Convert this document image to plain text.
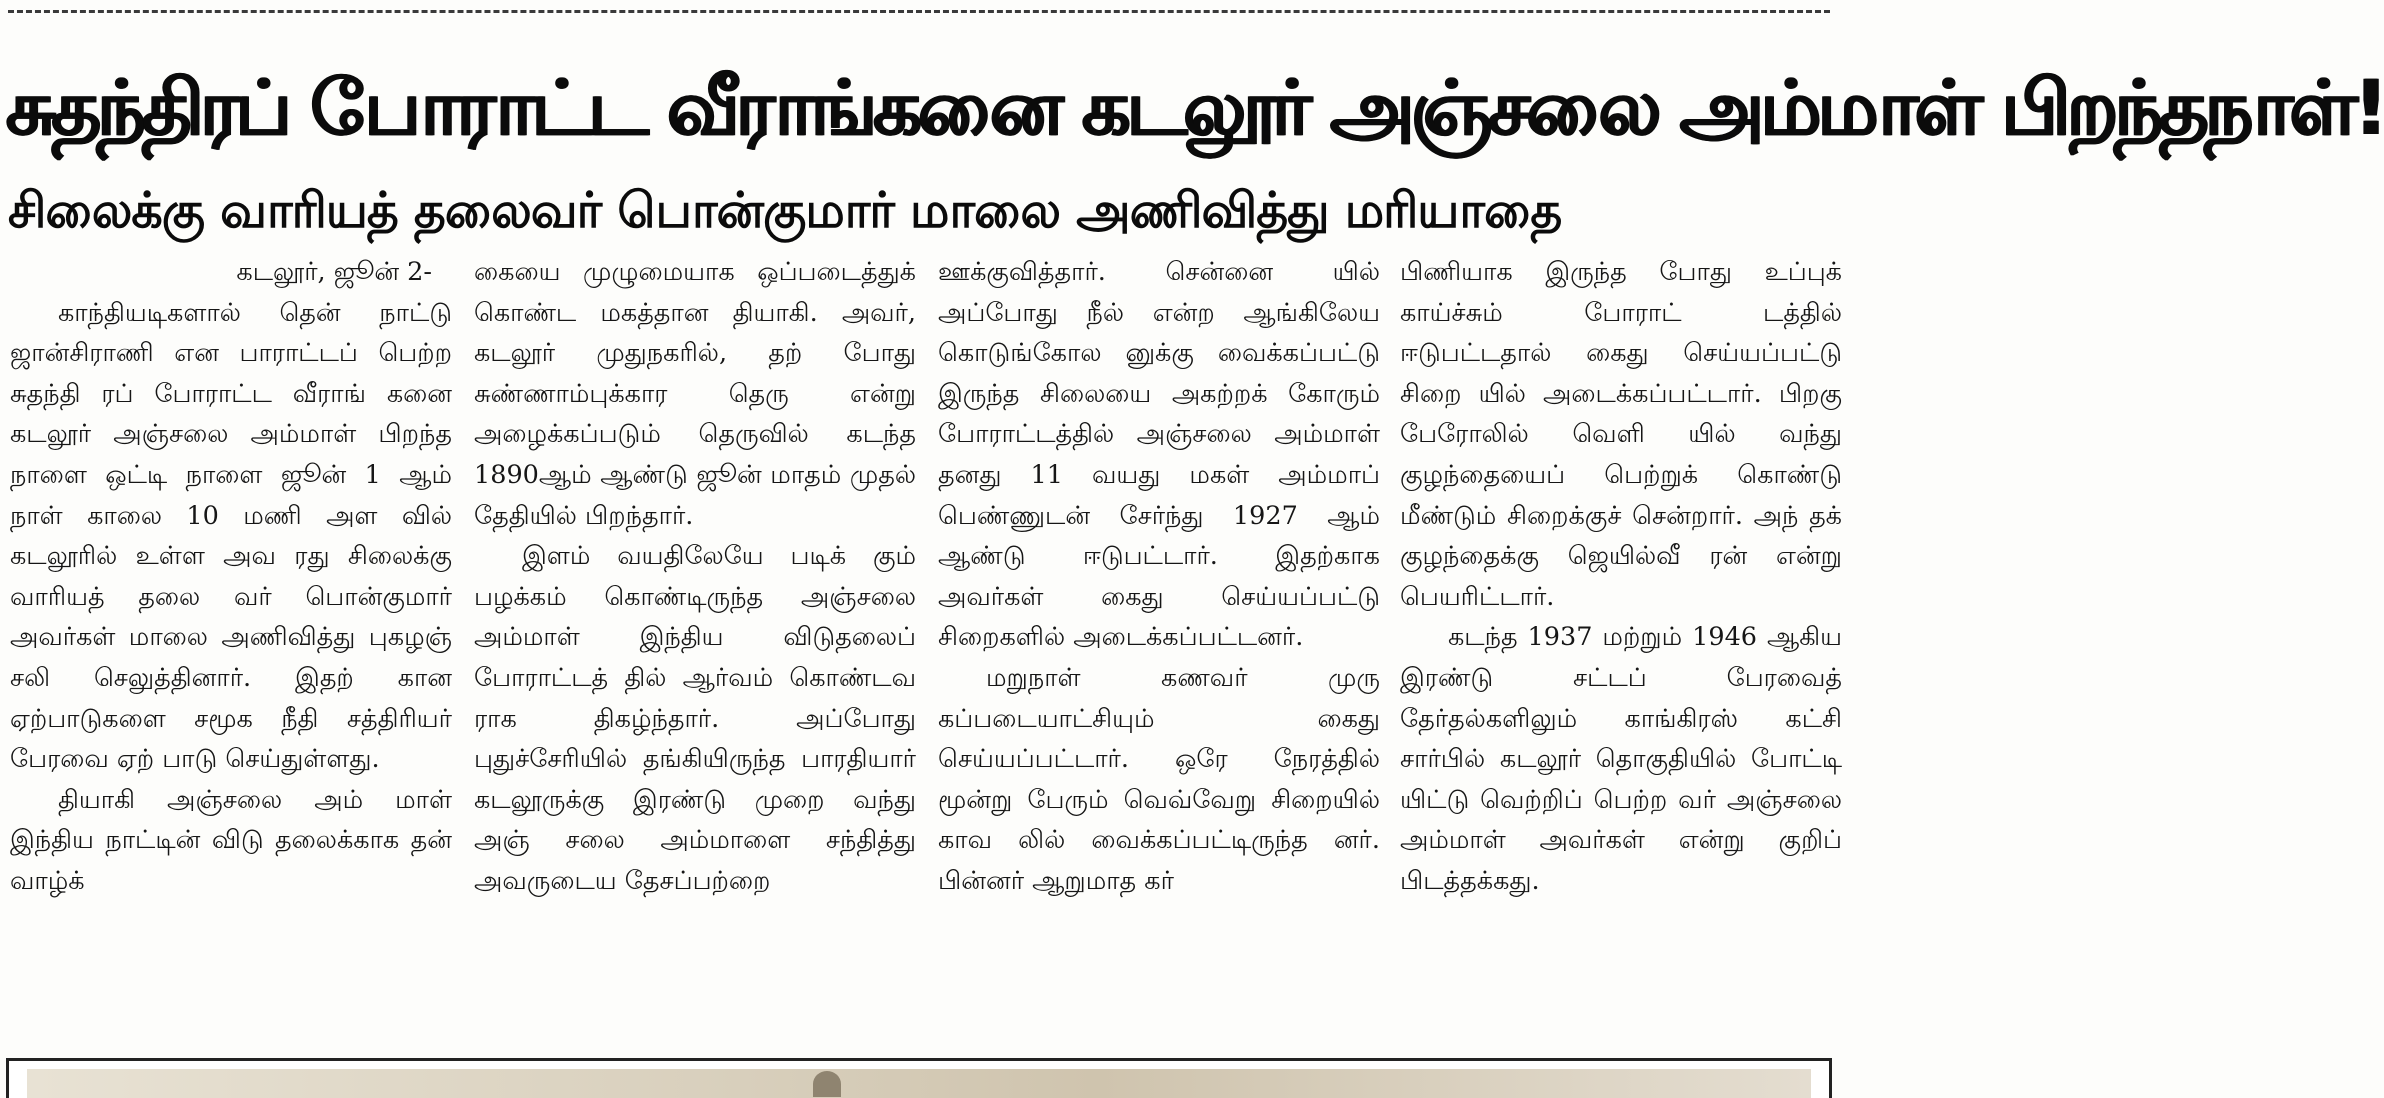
சுதந்திரப் போராட்ட வீராங்கனை கடலூர் அஞ்சலை அம்மாள் பிறந்தநாள்!
சிலைக்கு வாரியத் தலைவர் பொன்குமார் மாலை அணிவித்து மரியாதை

கடலூர், ஜூன் 2-

காந்தியடிகளால் தென் நாட்டு ஜான்சிராணி என பாராட்டப் பெற்ற சுதந்தி ரப் போராட்ட வீராங் கனை கடலூர் அஞ்சலை அம்மாள் பிறந்த நாளை ஒட்டி நாளை ஜூன் 1 ஆம் நாள் காலை 10 மணி அள வில் கடலூரில் உள்ள அவ ரது சிலைக்கு வாரியத் தலை வர் பொன்குமார் அவர்கள் மாலை அணிவித்து புகழஞ் சலி செலுத்தினார். இதற் கான ஏற்பாடுகளை சமூக நீதி சத்திரியர் பேரவை ஏற் பாடு செய்துள்ளது.

தியாகி அஞ்சலை அம் மாள் இந்திய நாட்டின் விடு தலைக்காக தன் வாழ்க்

கையை முழுமையாக ஒப்படைத்துக் கொண்ட மகத்தான தியாகி. அவர், கடலூர் முதுநகரில், தற் போது சுண்ணாம்புக்கார தெரு என்று அழைக்கப்படும் தெருவில் கடந்த 1890ஆம் ஆண்டு ஜூன் மாதம் முதல் தேதியில் பிறந்தார்.

இளம் வயதிலேயே படிக் கும் பழக்கம் கொண்டிருந்த அஞ்சலை அம்மாள் இந்திய விடுதலைப் போராட்டத் தில் ஆர்வம் கொண்டவ ராக திகழ்ந்தார். அப்போது புதுச்சேரியில் தங்கியிருந்த பாரதியார் கடலூருக்கு இரண்டு முறை வந்து அஞ் சலை அம்மாளை சந்தித்து அவருடைய தேசப்பற்றை

ஊக்குவித்தார். சென்னை யில் அப்போது நீல் என்ற ஆங்கிலேய கொடுங்கோல னுக்கு வைக்கப்பட்டு இருந்த சிலையை அகற்றக் கோரும் போராட்டத்தில் அஞ்சலை அம்மாள் தனது 11 வயது மகள் அம்மாப் பெண்ணுடன் சேர்ந்து 1927 ஆம் ஆண்டு ஈடுபட்டார். இதற்காக அவர்கள் கைது செய்யப்பட்டு சிறைகளில் அடைக்கப்பட்டனர்.

மறுநாள் கணவர் முரு கப்படையாட்சியும் கைது செய்யப்பட்டார். ஒரே நேரத்தில் மூன்று பேரும் வெவ்வேறு சிறையில் காவ லில் வைக்கப்பட்டிருந்த னர். பின்னர் ஆறுமாத கர்

பிணியாக இருந்த போது உப்புக் காய்ச்சும் போராட் டத்தில் ஈடுபட்டதால் கைது செய்யப்பட்டு சிறை யில் அடைக்கப்பட்டார். பிறகு பேரோலில் வெளி யில் வந்து குழந்தையைப் பெற்றுக் கொண்டு மீண்டும் சிறைக்குச் சென்றார். அந் தக் குழந்தைக்கு ஜெயில்வீ ரன் என்று பெயரிட்டார்.

கடந்த 1937 மற்றும் 1946 ஆகிய இரண்டு சட்டப் பேரவைத் தேர்தல்களிலும் காங்கிரஸ் கட்சி சார்பில் கடலூர் தொகுதியில் போட்டி யிட்டு வெற்றிப் பெற்ற வர் அஞ்சலை அம்மாள் அவர்கள் என்று குறிப் பிடத்தக்கது.
